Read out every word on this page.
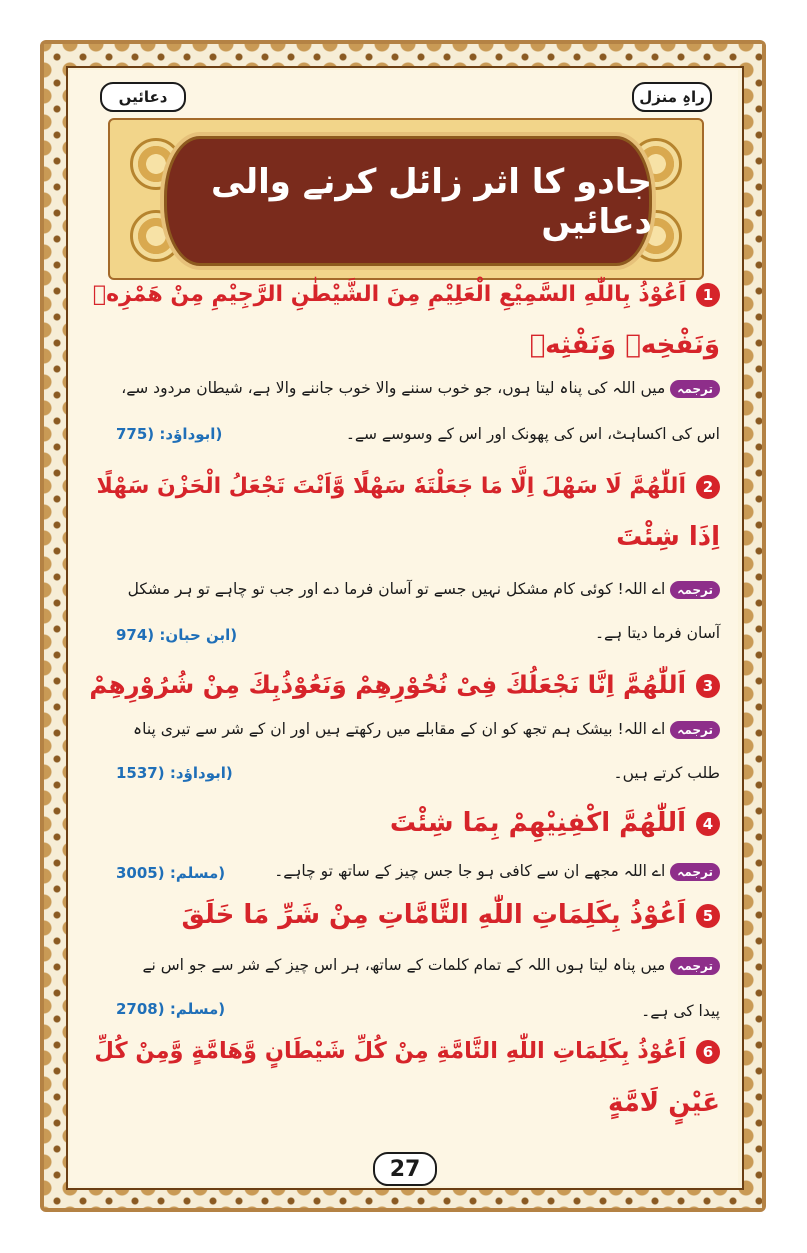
دعائیں	راہِ منزل
جادو کا اثر زائل کرنے والی دعائیں
1اَعُوْذُ بِاللّٰهِ السَّمِیْعِ الْعَلِیْمِ مِنَ الشَّیْطٰنِ الرَّجِیْمِ مِنْ هَمْزِهٖ
وَنَفْخِهٖ وَنَفْثِهٖ
ترجمہمیں اللہ کی پناہ لیتا ہوں، جو خوب سننے والا خوب جاننے والا ہے، شیطان مردود سے،
اس کی اکساہٹ، اس کی پھونک اور اس کے وسوسے سے۔
775) (ابوداؤد:
2اَللّٰهُمَّ لَا سَهْلَ اِلَّا مَا جَعَلْتَهٗ سَهْلًا وَّاَنْتَ تَجْعَلُ الْحَزْنَ سَهْلًا
اِذَا شِئْتَ
ترجمہاے اللہ! کوئی کام مشکل نہیں جسے تو آسان فرما دے اور جب تو چاہے تو ہر مشکل
آسان فرما دیتا ہے۔
974) (ابن حبان:
3اَللّٰهُمَّ اِنَّا نَجْعَلُكَ فِیْ نُحُوْرِهِمْ وَنَعُوْذُبِكَ مِنْ شُرُوْرِهِمْ
ترجمہاے اللہ! بیشک ہم تجھ کو ان کے مقابلے میں رکھتے ہیں اور ان کے شر سے تیری پناہ
طلب کرتے ہیں۔
1537) (ابوداؤد:
4اَللّٰهُمَّ اكْفِنِیْهِمْ بِمَا شِئْتَ
ترجمہاے اللہ مجھے ان سے کافی ہو جا جس چیز کے ساتھ تو چاہے۔
3005) (مسلم:
5اَعُوْذُ بِكَلِمَاتِ اللّٰهِ التَّامَّاتِ مِنْ شَرِّ مَا خَلَقَ
ترجمہمیں پناہ لیتا ہوں اللہ کے تمام کلمات کے ساتھ، ہر اس چیز کے شر سے جو اس نے
پیدا کی ہے۔
2708) (مسلم:
6اَعُوْذُ بِكَلِمَاتِ اللّٰهِ التَّامَّةِ مِنْ كُلِّ شَیْطَانٍ وَّهَامَّةٍ وَّمِنْ كُلِّ
عَیْنٍ لَامَّةٍ
27
